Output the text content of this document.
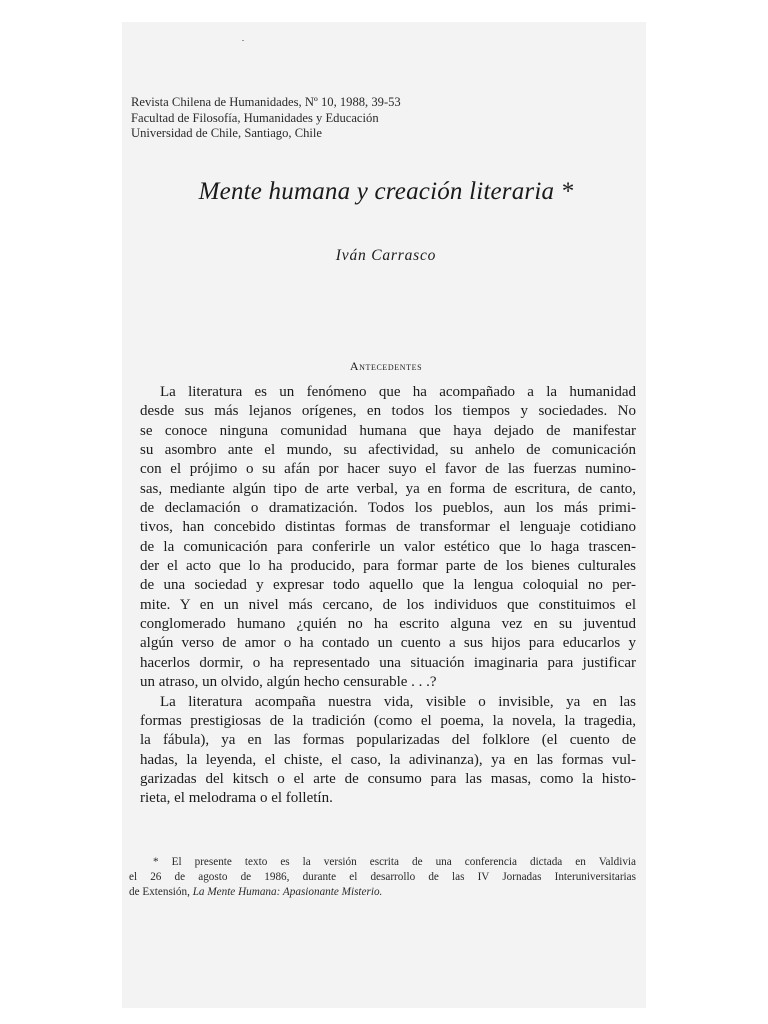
Revista Chilena de Humanidades, Nº 10, 1988, 39-53
Facultad de Filosofía, Humanidades y Educación
Universidad de Chile, Santiago, Chile
Mente humana y creación literaria *
Iván Carrasco
Antecedentes
La literatura es un fenómeno que ha acompañado a la humanidad
desde sus más lejanos orígenes, en todos los tiempos y sociedades. No
se conoce ninguna comunidad humana que haya dejado de manifestar
su asombro ante el mundo, su afectividad, su anhelo de comunicación
con el prójimo o su afán por hacer suyo el favor de las fuerzas numino-
sas, mediante algún tipo de arte verbal, ya en forma de escritura, de canto,
de declamación o dramatización. Todos los pueblos, aun los más primi-
tivos, han concebido distintas formas de transformar el lenguaje cotidiano
de la comunicación para conferirle un valor estético que lo haga trascen-
der el acto que lo ha producido, para formar parte de los bienes culturales
de una sociedad y expresar todo aquello que la lengua coloquial no per-
mite. Y en un nivel más cercano, de los individuos que constituimos el
conglomerado humano ¿quién no ha escrito alguna vez en su juventud
algún verso de amor o ha contado un cuento a sus hijos para educarlos y
hacerlos dormir, o ha representado una situación imaginaria para justificar
un atraso, un olvido, algún hecho censurable . . .?
La literatura acompaña nuestra vida, visible o invisible, ya en las
formas prestigiosas de la tradición (como el poema, la novela, la tragedia,
la fábula), ya en las formas popularizadas del folklore (el cuento de
hadas, la leyenda, el chiste, el caso, la adivinanza), ya en las formas vul-
garizadas del kitsch o el arte de consumo para las masas, como la histo-
rieta, el melodrama o el folletín.
* El presente texto es la versión escrita de una conferencia dictada en Valdivia
el 26 de agosto de 1986, durante el desarrollo de las IV Jornadas Interuniversitarias
de Extensión, La Mente Humana: Apasionante Misterio.
